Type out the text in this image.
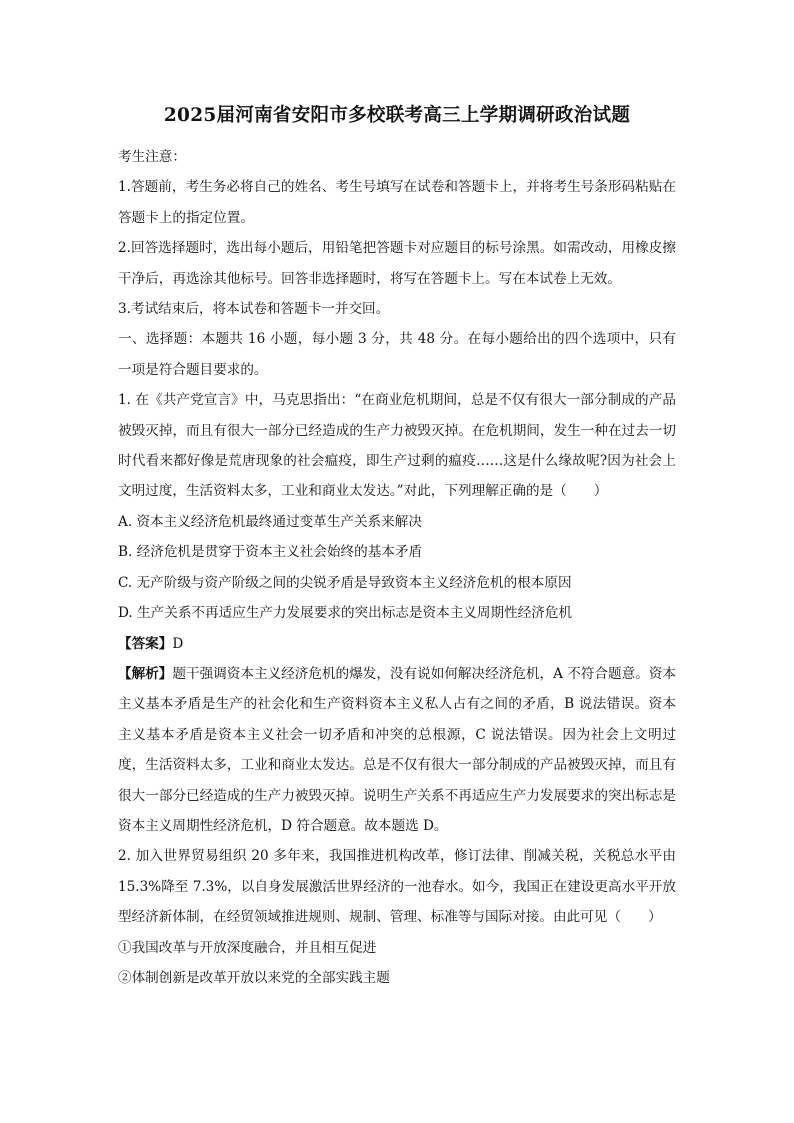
2025届河南省安阳市多校联考高三上学期调研政治试题

考生注意：

1.答题前，考生务必将自己的姓名、考生号填写在试卷和答题卡上，并将考生号条形码粘贴在答题卡上的指定位置。

2.回答选择题时，选出每小题后，用铅笔把答题卡对应题目的标号涂黑。如需改动，用橡皮擦干净后，再选涂其他标号。回答非选择题时，将写在答题卡上。写在本试卷上无效。

3.考试结束后，将本试卷和答题卡一并交回。

一、选择题：本题共 16 小题，每小题 3 分，共 48 分。在每小题给出的四个选项中，只有一项是符合题目要求的。

1. 在《共产党宣言》中，马克思指出：“在商业危机期间，总是不仅有很大一部分制成的产品被毁灭掉，而且有很大一部分已经造成的生产力被毁灭掉。在危机期间，发生一种在过去一切时代看来都好像是荒唐现象的社会瘟疫，即生产过剩的瘟疫……这是什么缘故呢?因为社会上文明过度，生活资料太多，工业和商业太发达。”对此，下列理解正确的是（　　）

A. 资本主义经济危机最终通过变革生产关系来解决

B. 经济危机是贯穿于资本主义社会始终的基本矛盾

C. 无产阶级与资产阶级之间的尖锐矛盾是导致资本主义经济危机的根本原因

D. 生产关系不再适应生产力发展要求的突出标志是资本主义周期性经济危机

【答案】D

【解析】题干强调资本主义经济危机的爆发，没有说如何解决经济危机，A 不符合题意。资本主义基本矛盾是生产的社会化和生产资料资本主义私人占有之间的矛盾，B 说法错误。资本主义基本矛盾是资本主义社会一切矛盾和冲突的总根源，C 说法错误。因为社会上文明过度，生活资料太多，工业和商业太发达。总是不仅有很大一部分制成的产品被毁灭掉，而且有很大一部分已经造成的生产力被毁灭掉。说明生产关系不再适应生产力发展要求的突出标志是资本主义周期性经济危机，D 符合题意。故本题选 D。

2. 加入世界贸易组织 20 多年来，我国推进机构改革，修订法律、削减关税，关税总水平由 15.3%降至 7.3%，以自身发展激活世界经济的一池春水。如今，我国正在建设更高水平开放型经济新体制，在经贸领域推进规则、规制、管理、标准等与国际对接。由此可见（　　）

①我国改革与开放深度融合，并且相互促进

②体制创新是改革开放以来党的全部实践主题
